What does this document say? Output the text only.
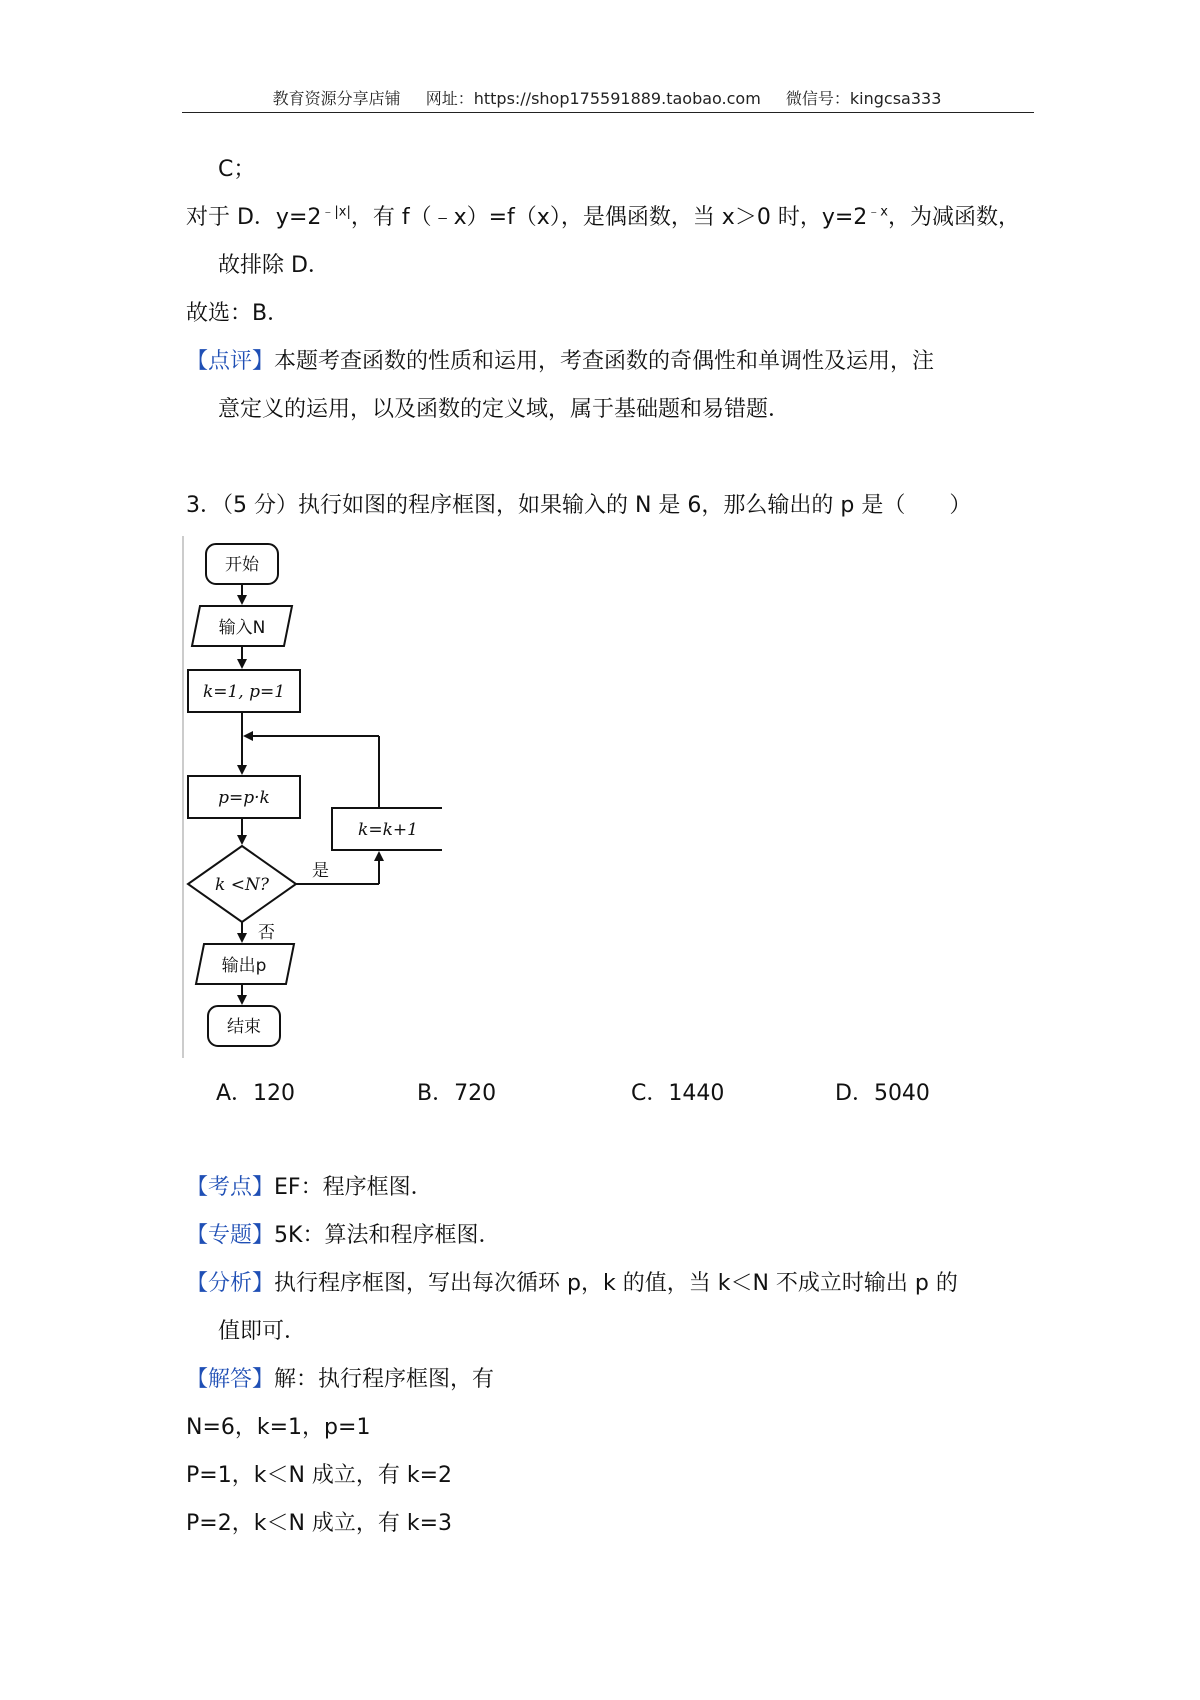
教育资源分享店铺 网址：https://shop175591889.taobao.com 微信号：kingcsa333
C；
对于 D．$y=2^{﹣|x|}$，有 f（﹣x）=f（x），是偶函数，当 x＞0 时，$y=2^{﹣x}$，为减函数，
故排除 D．
故选：B．
【点评】本题考查函数的性质和运用，考查函数的奇偶性和单调性及运用，注
意定义的运用，以及函数的定义域，属于基础题和易错题．
3．（5 分）执行如图的程序框图，如果输入的 N 是 6，那么输出的 p 是（　　）
开始
输入N
k=1, p=1
p=p·k
k=k+1
k <N?
是
否
输出p
结束
A．120	B．720	C．1440	D．5040
【考点】EF：程序框图．
【专题】5K：算法和程序框图．
【分析】执行程序框图，写出每次循环 p，k 的值，当 k＜N 不成立时输出 p 的
值即可．
【解答】解：执行程序框图，有
N=6，k=1，p=1
P=1，k＜N 成立，有 k=2
P=2，k＜N 成立，有 k=3
